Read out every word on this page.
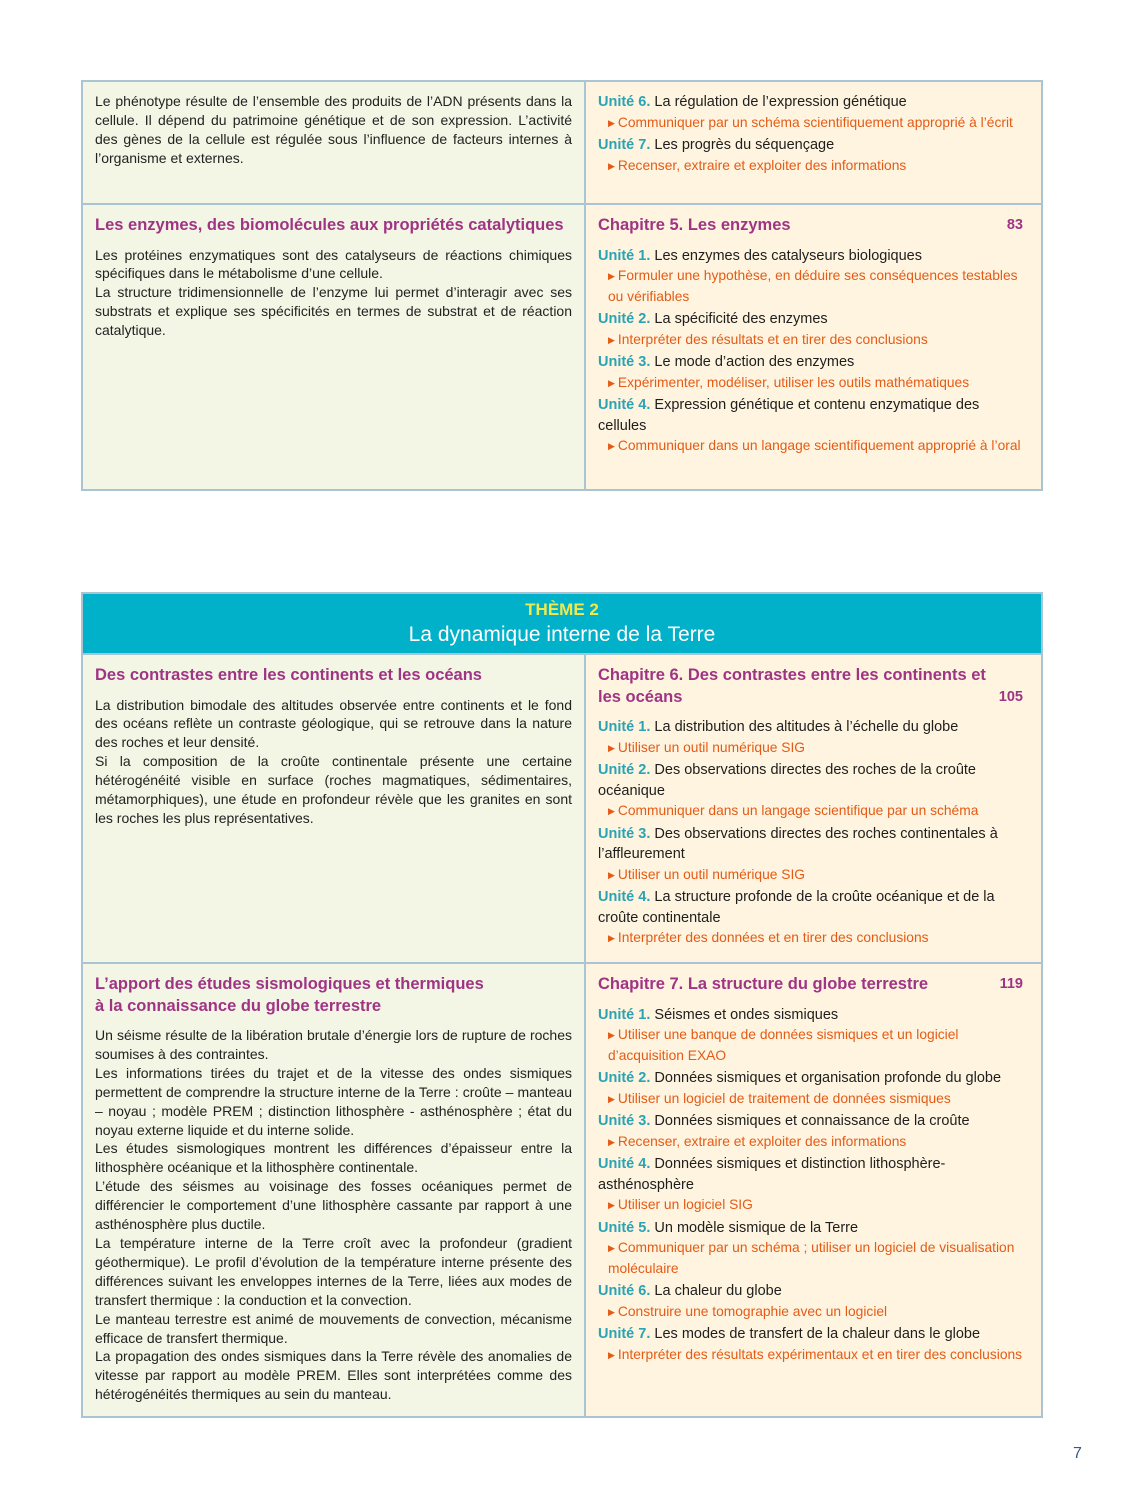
Le phénotype résulte de l’ensemble des produits de l’ADN présents dans la cellule. Il dépend du patrimoine génétique et de son expression. L’activité des gènes de la cellule est régulée sous l’influence de facteurs internes à l’organisme et externes.

Unité 6. La régulation de l’expression génétique

▶ Communiquer par un schéma scientifiquement approprié à l’écrit

Unité 7. Les progrès du séquençage

▶ Recenser, extraire et exploiter des informations

Les enzymes, des biomolécules aux propriétés catalytiques

Les protéines enzymatiques sont des catalyseurs de réactions chimiques spécifiques dans le métabolisme d’une cellule.

La structure tridimensionnelle de l’enzyme lui permet d’interagir avec ses substrats et explique ses spécificités en termes de substrat et de réaction catalytique.

Chapitre 5. Les enzymes	83

Unité 1. Les enzymes des catalyseurs biologiques

▶ Formuler une hypothèse, en déduire ses conséquences testables ou vérifiables

Unité 2. La spécificité des enzymes

▶ Interpréter des résultats et en tirer des conclusions

Unité 3. Le mode d’action des enzymes

▶ Expérimenter, modéliser, utiliser les outils mathématiques

Unité 4. Expression génétique et contenu enzymatique des cellules

▶ Communiquer dans un langage scientifiquement approprié à l’oral

THÈME 2
La dynamique interne de la Terre

Des contrastes entre les continents et les océans

La distribution bimodale des altitudes observée entre continents et le fond des océans reflète un contraste géologique, qui se retrouve dans la nature des roches et leur densité.

Si la composition de la croûte continentale présente une certaine hétérogénéité visible en surface (roches magmatiques, sédimentaires, métamorphiques), une étude en profondeur révèle que les granites en sont les roches les plus représentatives.

Chapitre 6. Des contrastes entre les continents et les océans	105

Unité 1. La distribution des altitudes à l’échelle du globe

▶ Utiliser un outil numérique SIG

Unité 2. Des observations directes des roches de la croûte océanique

▶ Communiquer dans un langage scientifique par un schéma

Unité 3. Des observations directes des roches continentales à l’affleurement

▶ Utiliser un outil numérique SIG

Unité 4. La structure profonde de la croûte océanique et de la croûte continentale

▶ Interpréter des données et en tirer des conclusions

L’apport des études sismologiques et thermiques à la connaissance du globe terrestre

Un séisme résulte de la libération brutale d’énergie lors de rupture de roches soumises à des contraintes.

Les informations tirées du trajet et de la vitesse des ondes sismiques permettent de comprendre la structure interne de la Terre : croûte – manteau – noyau ; modèle PREM ; distinction lithosphère - asthénosphère ; état du noyau externe liquide et du interne solide.

Les études sismologiques montrent les différences d’épaisseur entre la lithosphère océanique et la lithosphère continentale.

L’étude des séismes au voisinage des fosses océaniques permet de différencier le comportement d’une lithosphère cassante par rapport à une asthénosphère plus ductile.

La température interne de la Terre croît avec la profondeur (gradient géothermique). Le profil d’évolution de la température interne présente des différences suivant les enveloppes internes de la Terre, liées aux modes de transfert thermique : la conduction et la convection.

Le manteau terrestre est animé de mouvements de convection, mécanisme efficace de transfert thermique.

La propagation des ondes sismiques dans la Terre révèle des anomalies de vitesse par rapport au modèle PREM. Elles sont interprétées comme des hétérogénéités thermiques au sein du manteau.

Chapitre 7. La structure du globe terrestre	119

Unité 1. Séismes et ondes sismiques

▶ Utiliser une banque de données sismiques et un logiciel d’acquisition EXAO

Unité 2. Données sismiques et organisation profonde du globe

▶ Utiliser un logiciel de traitement de données sismiques

Unité 3. Données sismiques et connaissance de la croûte

▶ Recenser, extraire et exploiter des informations

Unité 4. Données sismiques et distinction lithosphère-asthénosphère

▶ Utiliser un logiciel SIG

Unité 5. Un modèle sismique de la Terre

▶ Communiquer par un schéma ; utiliser un logiciel de visualisation moléculaire

Unité 6. La chaleur du globe

▶ Construire une tomographie avec un logiciel

Unité 7. Les modes de transfert de la chaleur dans le globe

▶ Interpréter des résultats expérimentaux et en tirer des conclusions

7
